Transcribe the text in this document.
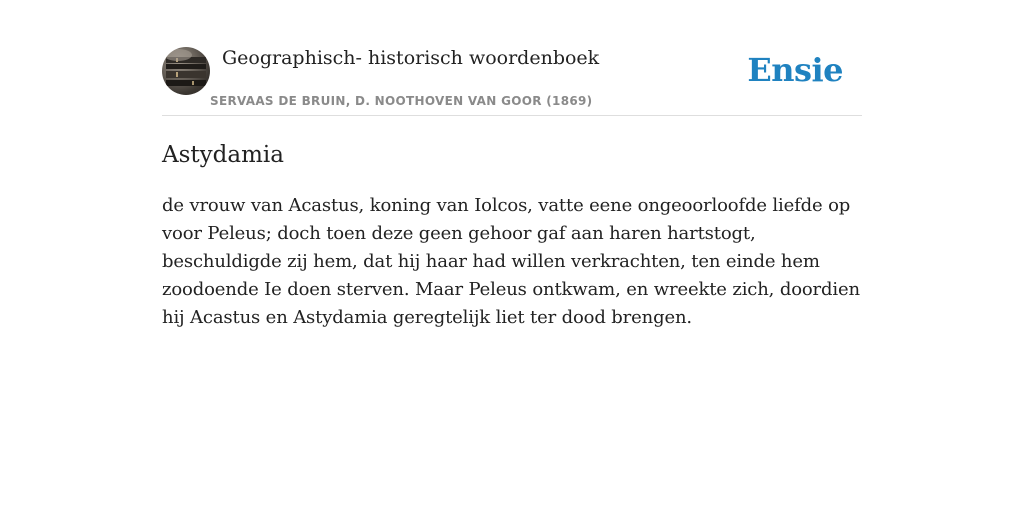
Geographisch- historisch woordenboek
SERVAAS DE BRUIN, D. NOOTHOVEN VAN GOOR (1869)
Ensie
Astydamia

de vrouw van Acastus, koning van Iolcos, vatte eene ongeoorloofde liefde op voor Peleus; doch toen deze geen gehoor gaf aan haren hartstogt, beschuldigde zij hem, dat hij haar had willen verkrachten, ten einde hem zoodoende Ie doen sterven. Maar Peleus ontkwam, en wreekte zich, doordien hij Acastus en Astydamia geregtelijk liet ter dood brengen.
